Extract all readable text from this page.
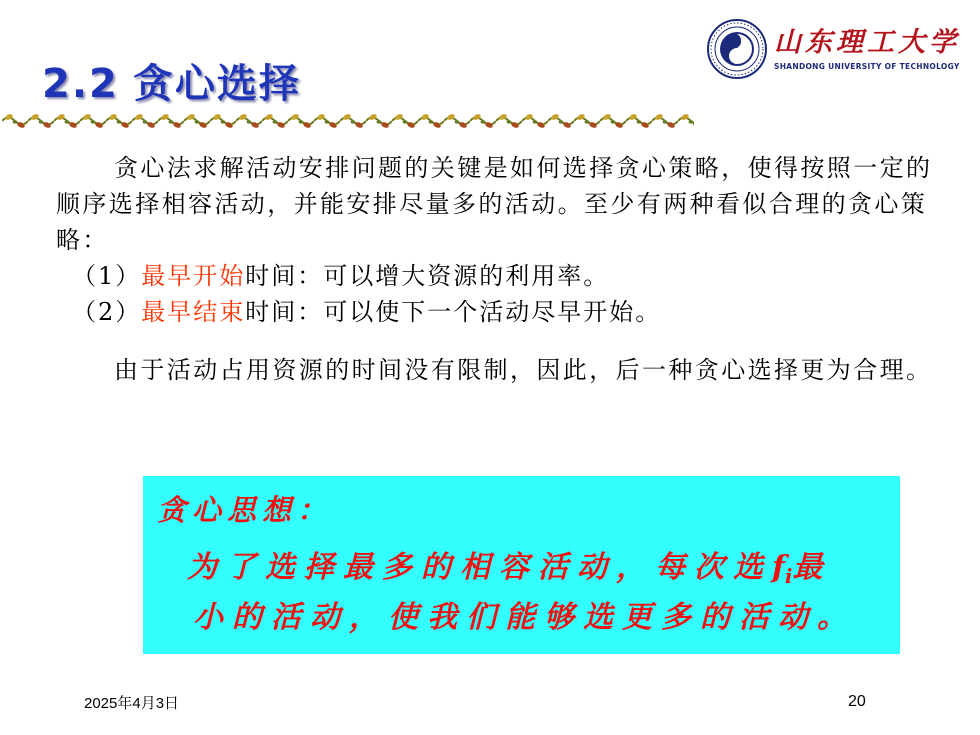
2.2 贪心选择
山东理工大学
SHANDONG UNIVERSITY OF TECHNOLOGY

贪心法求解活动安排问题的关键是如何选择贪心策略，使得按照一定的顺序选择相容活动，并能安排尽量多的活动。至少有两种看似合理的贪心策略：

（1）最早开始时间：可以增大资源的利用率。

（2）最早结束时间：可以使下一个活动尽早开始。

由于活动占用资源的时间没有限制，因此，后一种贪心选择更为合理。

贪心思想：
为了选择最多的相容活动，每次选$f_i$最
小的活动，使我们能够选更多的活动。
2025年4月3日	20
